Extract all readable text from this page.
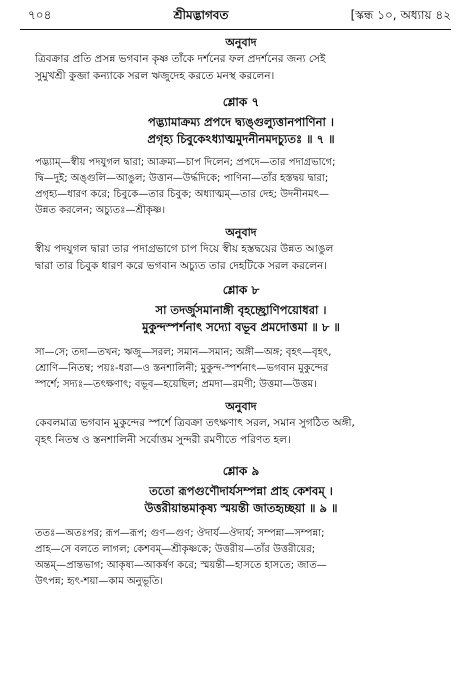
৭০৪	শ্রীমদ্ভাগবত	[স্কন্ধ ১০, অধ্যায় ৪২
অনুবাদ
ত্রিবক্রার প্রতি প্রসন্ন ভগবান কৃষ্ণ তাঁকে দর্শনের ফল প্রদর্শনের জন্য সেই
সুমুখশ্রী কুব্জা কন্যাকে সরল ঋজুদেহ করতে মনস্থ করলেন।
শ্লোক ৭
পদ্ভ্যামাক্রম্য প্রপদে দ্ব্যঙ্গুল্যুত্তানপাণিনা ।
প্রগৃহ্য চিবুকেঽধ্যাত্মমুদনীনমদচ্যুতঃ ॥ ৭ ॥
পদ্ভ্যাম্—স্বীয় পদযুগল দ্বারা; আক্রম্য—চাপ দিলেন; প্রপদে—তার পদাগ্রভাগে;
দ্বি—দুই; অঙ্গুলি—আঙুল; উত্তান—উর্দ্ধদিকে; পাণিনা—তাঁর হস্তদ্বয় দ্বারা;
প্রগৃহ্য—ধারণ করে; চিবুকে—তার চিবুক; অধ্যাত্মম্—তার দেহ; উদনীনমৎ—
উন্নত করলেন; অচ্যুতঃ—শ্রীকৃষ্ণ।
অনুবাদ
স্বীয় পদযুগল দ্বারা তার পদাগ্রভাগে চাপ দিয়ে স্বীয় হস্তদ্বয়ের উন্নত আঙুল
দ্বারা তার চিবুক ধারণ করে ভগবান অচ্যুত তার দেহটিকে সরল করলেন।
শ্লোক ৮
সা তদর্জুসমানাঙ্গী বৃহচ্ছ্রোণিপয়োধরা ।
মুকুন্দস্পর্শনাৎ সদ্যো বভূব প্রমদোত্তমা ॥ ৮ ॥
সা—সে; তদা—তখন; ঋজু—সরল; সমান—সমান; অঙ্গী—অঙ্গ; বৃহৎ—বৃহৎ,
শ্রোণি—নিতম্ব; পয়ঃ-ধরা—ও স্তনশালিনী; মুকুন্দ-স্পর্শনাৎ—ভগবান মুকুন্দের
স্পর্শে; সদ্যঃ—তৎক্ষণাৎ; বভূব—হয়েছিল; প্রমদা—রমণী; উত্তমা—উত্তম।
অনুবাদ
কেবলমাত্র ভগবান মুকুন্দের স্পর্শে ত্রিবক্রা তৎক্ষণাৎ সরল, সমান সুগঠিত অঙ্গী,
বৃহৎ নিতম্ব ও স্তনশালিনী সর্বোত্তম সুন্দরী রমণীতে পরিণত হল।
শ্লোক ৯
ততো রূপগুণৌদার্যসম্পন্না প্রাহ কেশবম্ ।
উত্তরীয়ান্তমাকৃষ্য স্ময়ন্তী জাতহৃচ্ছয়া ॥ ৯ ॥
ততঃ—অতঃপর; রূপ—রূপ; গুণ—গুণ; ঔদার্য—ঔদার্য; সম্পন্না—সম্পন্না;
প্রাহ—সে বলতে লাগল; কেশবম্—শ্রীকৃষ্ণকে; উত্তরীয়—তাঁর উত্তরীয়ের;
অন্তম্—প্রান্তভাগ; আকৃষ্য—আকর্ষণ করে; স্ময়ন্তী—হাসতে হাসতে; জাত—
উৎপন্ন; হৃৎ-শয়া—কাম অনুভূতি।
